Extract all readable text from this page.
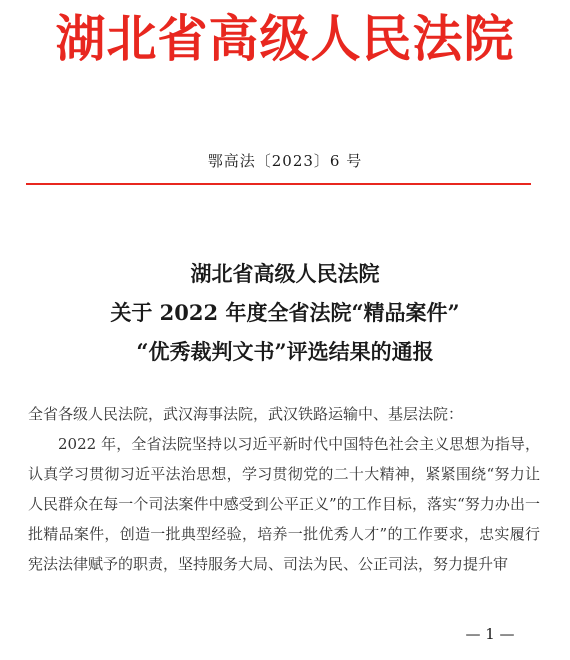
湖北省高级人民法院
鄂高法〔2023〕6 号
湖北省高级人民法院
关于 2022 年度全省法院“精品案件”
“优秀裁判文书”评选结果的通报
全省各级人民法院，武汉海事法院，武汉铁路运输中、基层法院：
2022 年，全省法院坚持以习近平新时代中国特色社会主义思想为指导，认真学习贯彻习近平法治思想，学习贯彻党的二十大精神，紧紧围绕“努力让人民群众在每一个司法案件中感受到公平正义”的工作目标，落实“努力办出一批精品案件，创造一批典型经验，培养一批优秀人才”的工作要求，忠实履行宪法法律赋予的职责，坚持服务大局、司法为民、公正司法，努力提升审
— 1 —
